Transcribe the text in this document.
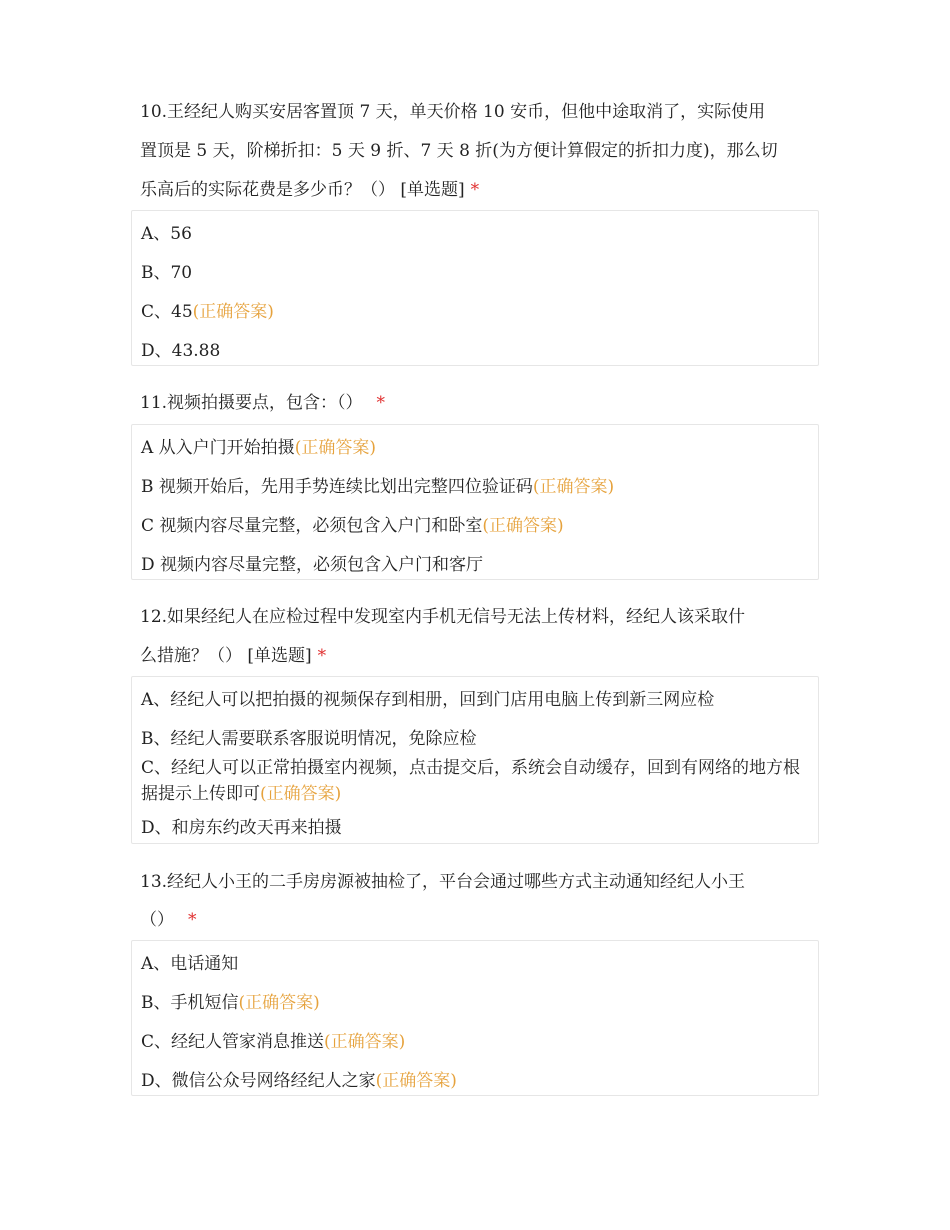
10.王经纪人购买安居客置顶 7 天，单天价格 10 安币，但他中途取消了，实际使用
置顶是 5 天，阶梯折扣：5 天 9 折、7 天 8 折(为方便计算假定的折扣力度)，那么切
乐高后的实际花费是多少币？（） [单选题] *
A、56
B、70
C、45(正确答案)
D、43.88
11.视频拍摄要点，包含：（） *
A 从入户门开始拍摄(正确答案)
B 视频开始后，先用手势连续比划出完整四位验证码(正确答案)
C 视频内容尽量完整，必须包含入户门和卧室(正确答案)
D 视频内容尽量完整，必须包含入户门和客厅
12.如果经纪人在应检过程中发现室内手机无信号无法上传材料，经纪人该采取什
么措施？（） [单选题] *
A、经纪人可以把拍摄的视频保存到相册，回到门店用电脑上传到新三网应检
B、经纪人需要联系客服说明情况，免除应检
C、经纪人可以正常拍摄室内视频，点击提交后，系统会自动缓存，回到有网络的地方根据提示上传即可(正确答案)
D、和房东约改天再来拍摄
13.经纪人小王的二手房房源被抽检了，平台会通过哪些方式主动通知经纪人小王
（） *
A、电话通知
B、手机短信(正确答案)
C、经纪人管家消息推送(正确答案)
D、微信公众号网络经纪人之家(正确答案)
